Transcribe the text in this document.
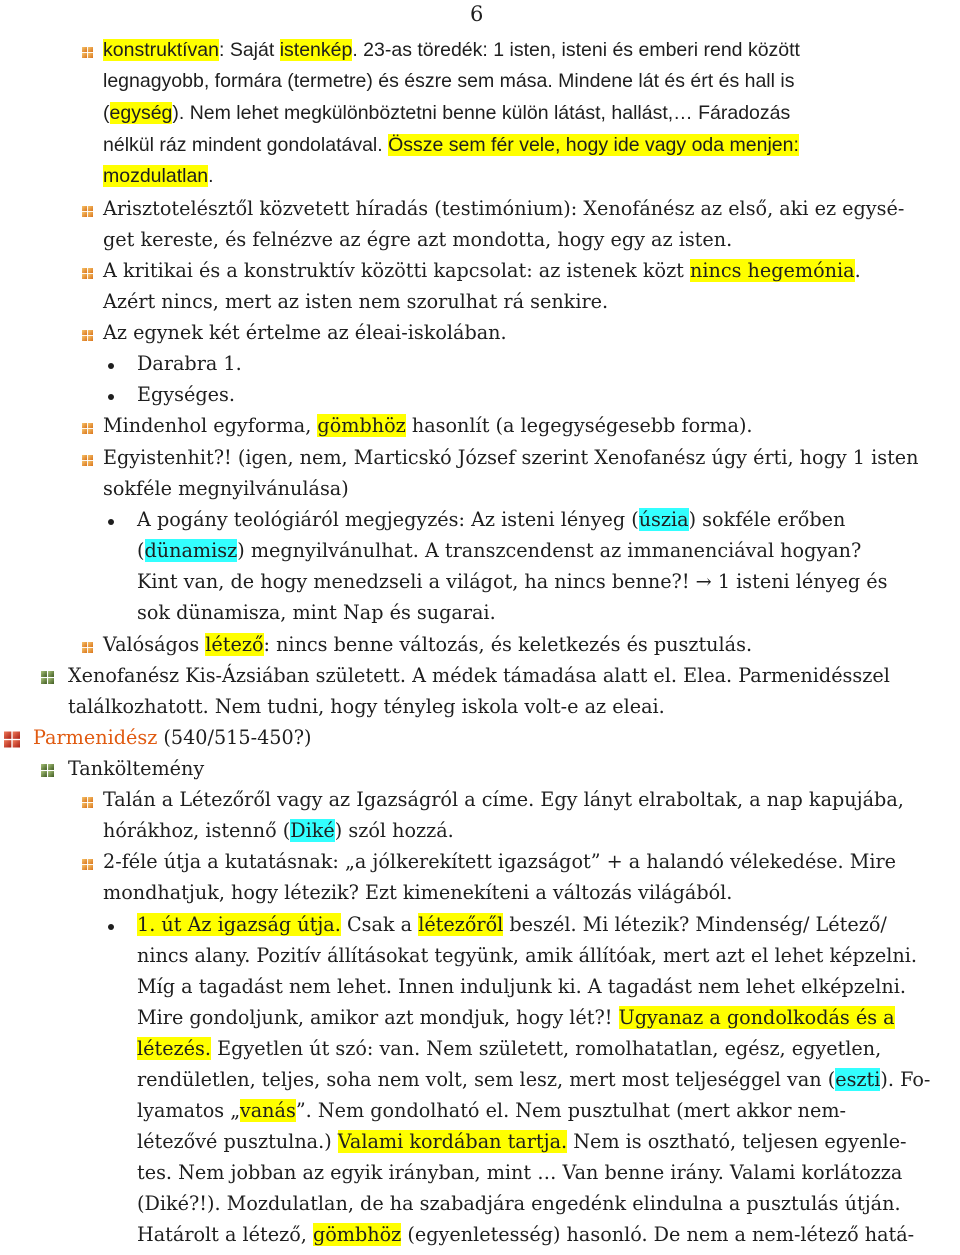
6
konstruktívan: Saját istenkép. 23-as töredék: 1 isten, isteni és emberi rend között
legnagyobb, formára (termetre) és észre sem mása. Mindene lát és ért és hall is
(egység). Nem lehet megkülönböztetni benne külön látást, hallást,… Fáradozás
nélkül ráz mindent gondolatával. Össze sem fér vele, hogy ide vagy oda menjen:
mozdulatlan.
Arisztotelésztől közvetett híradás (testimónium): Xenofánész az első, aki ez egysé-
get kereste, és felnézve az égre azt mondotta, hogy egy az isten.
A kritikai és a konstruktív közötti kapcsolat: az istenek közt nincs hegemónia.
Azért nincs, mert az isten nem szorulhat rá senkire.
Az egynek két értelme az éleai-iskolában.
Darabra 1.
Egységes.
Mindenhol egyforma, gömbhöz hasonlít (a legegységesebb forma).
Egyistenhit?! (igen, nem, Marticskó József szerint Xenofanész úgy érti, hogy 1 isten
sokféle megnyilvánulása)
A pogány teológiáról megjegyzés: Az isteni lényeg (úszia) sokféle erőben
(dünamisz) megnyilvánulhat. A transzcendenst az immanenciával hogyan?
Kint van, de hogy menedzseli a világot, ha nincs benne?! → 1 isteni lényeg és
sok dünamisza, mint Nap és sugarai.
Valóságos létező: nincs benne változás, és keletkezés és pusztulás.
Xenofanész Kis-Ázsiában született. A médek támadása alatt el. Elea. Parmenidésszel
találkozhatott. Nem tudni, hogy tényleg iskola volt-e az eleai.
Parmenidész (540/515-450?)
Tanköltemény
Talán a Létezőről vagy az Igazságról a címe. Egy lányt elraboltak, a nap kapujába,
hórákhoz, istennő (Diké) szól hozzá.
2-féle útja a kutatásnak: „a jólkerekített igazságot” + a halandó vélekedése. Mire
mondhatjuk, hogy létezik? Ezt kimenekíteni a változás világából.
1. út Az igazság útja. Csak a létezőről beszél. Mi létezik? Mindenség/ Létező/
nincs alany. Pozitív állításokat tegyünk, amik állítóak, mert azt el lehet képzelni.
Míg a tagadást nem lehet. Innen induljunk ki. A tagadást nem lehet elképzelni.
Mire gondoljunk, amikor azt mondjuk, hogy lét?! Ugyanaz a gondolkodás és a
létezés. Egyetlen út szó: van. Nem született, romolhatatlan, egész, egyetlen,
rendületlen, teljes, soha nem volt, sem lesz, mert most teljeséggel van (eszti). Fo-
lyamatos „vanás”. Nem gondolható el. Nem pusztulhat (mert akkor nem-
létezővé pusztulna.) Valami kordában tartja. Nem is osztható, teljesen egyenle-
tes. Nem jobban az egyik irányban, mint … Van benne irány. Valami korlátozza
(Diké?!). Mozdulatlan, de ha szabadjára engedénk elindulna a pusztulás útján.
Határolt a létező, gömbhöz (egyenletesség) hasonló. De nem a nem-létező hatá-
